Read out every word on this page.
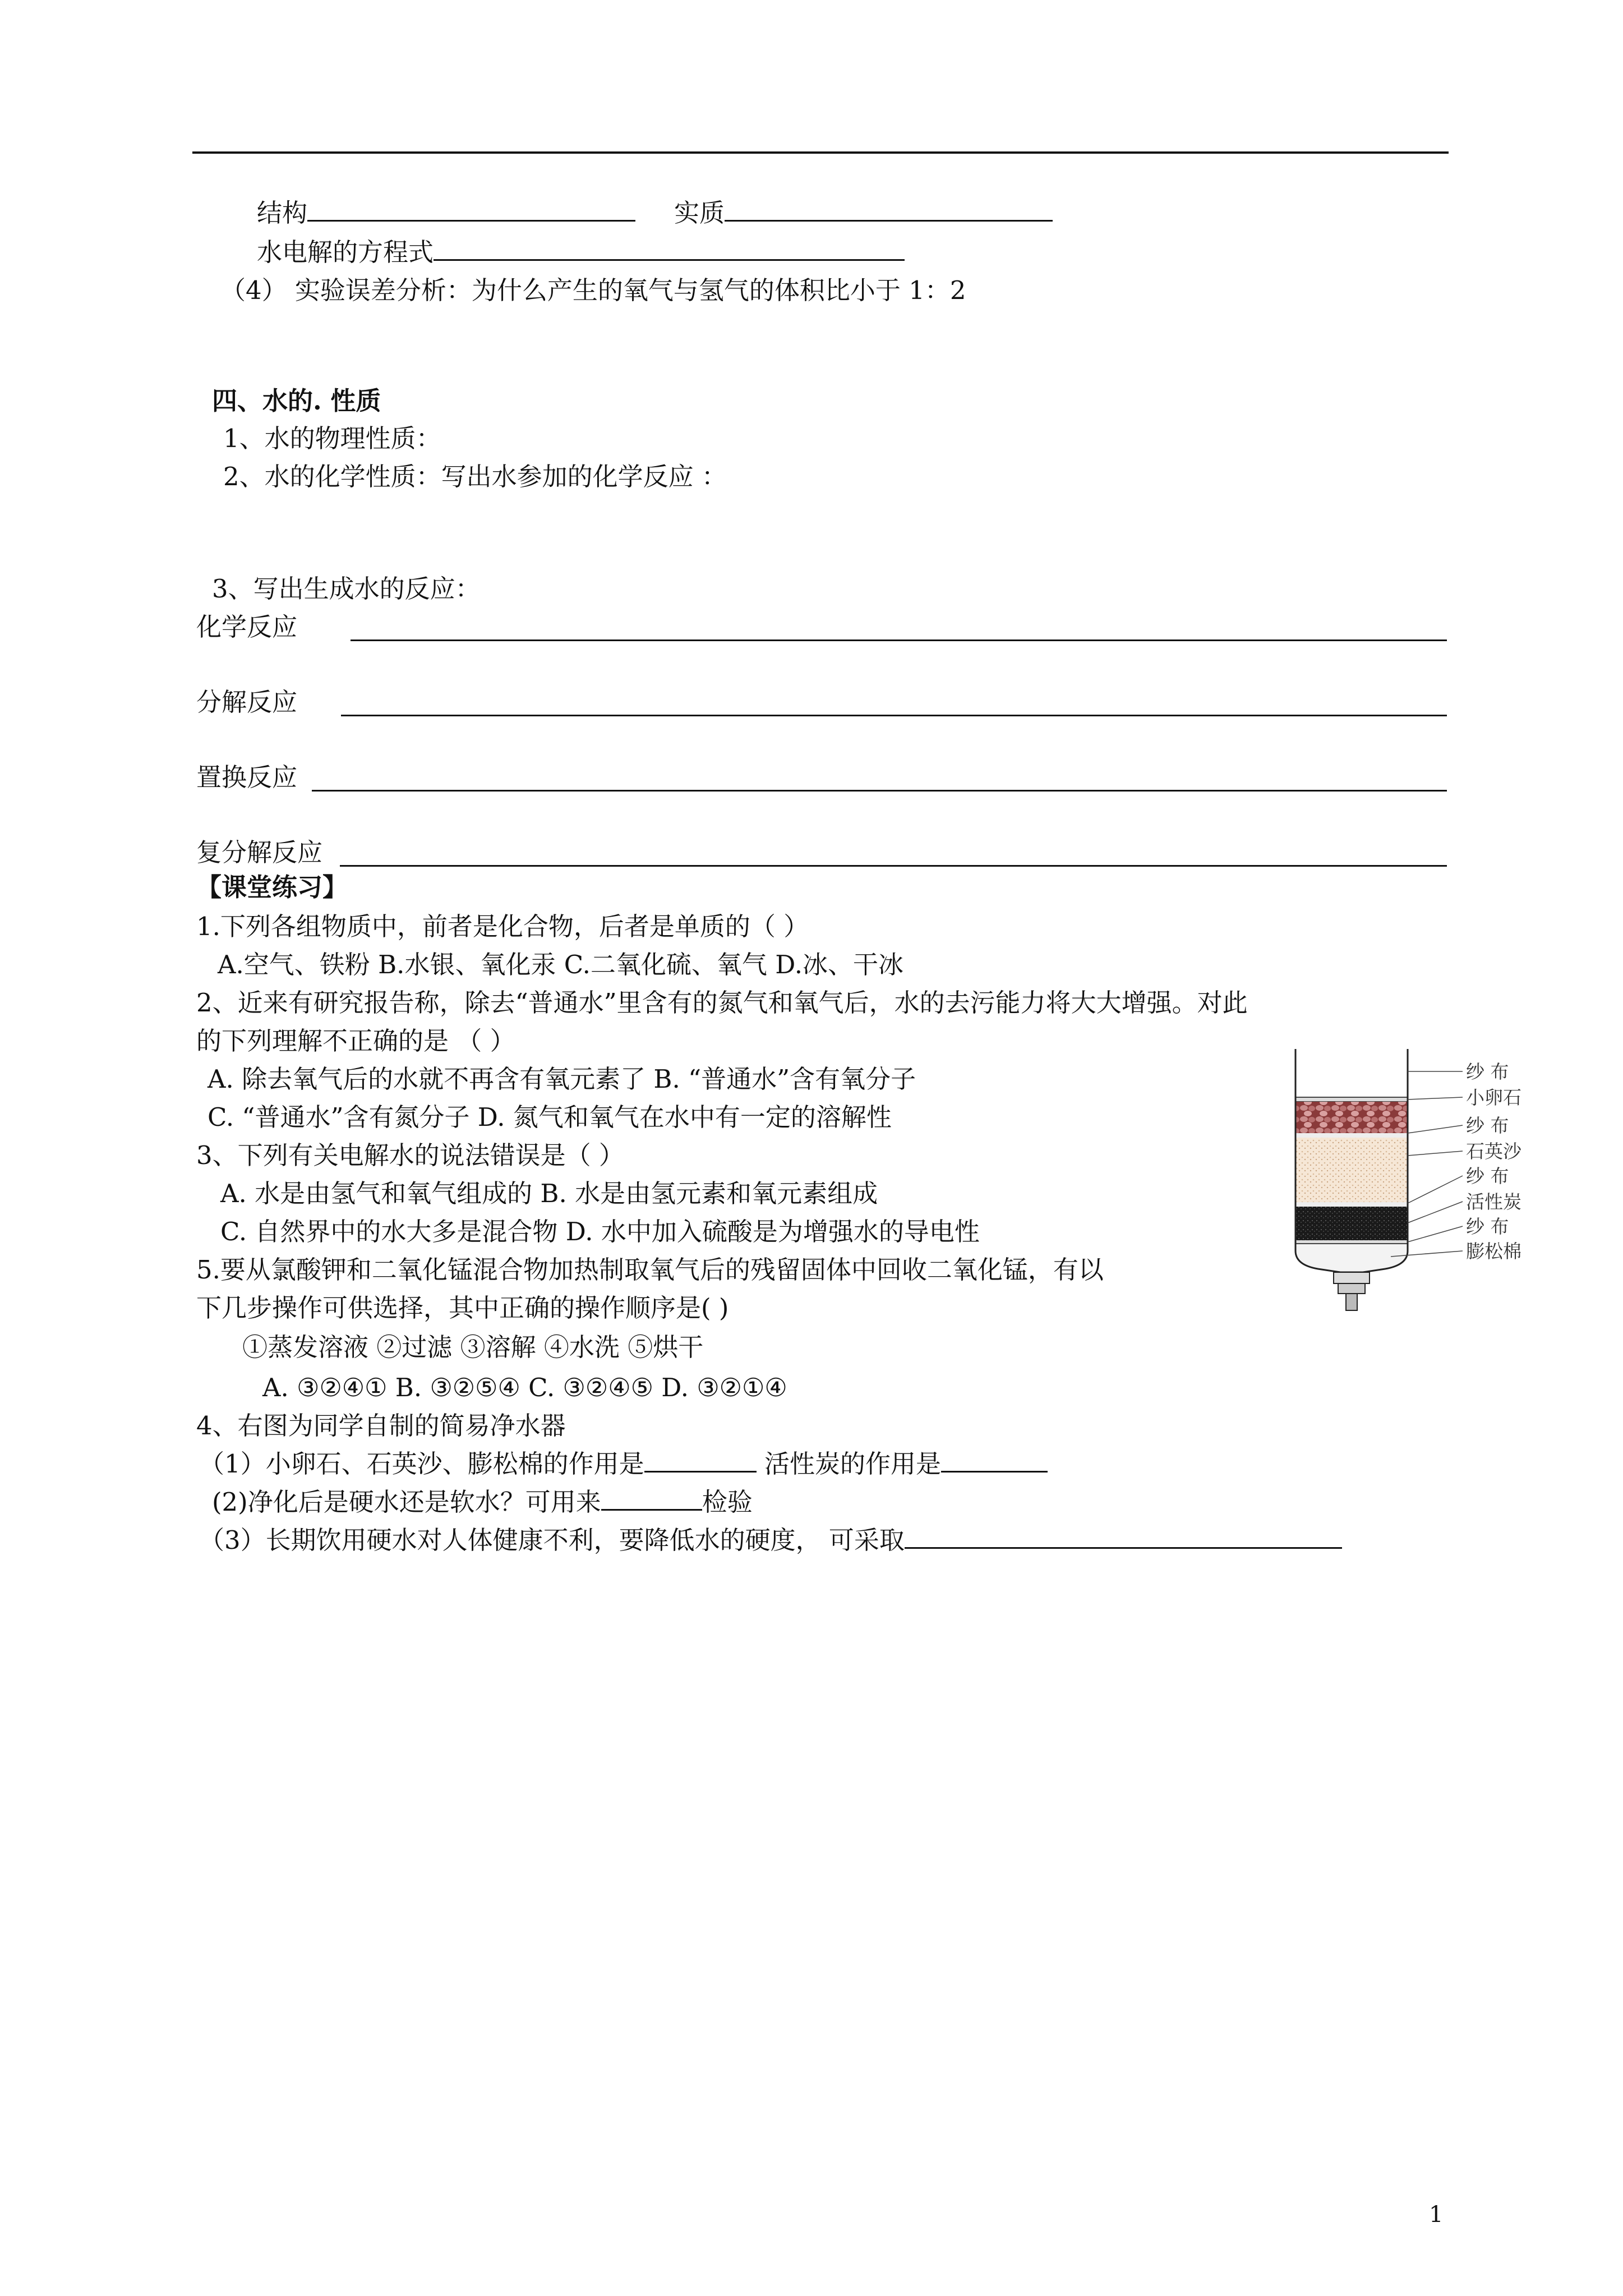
结构	实质
水电解的方程式
（4） 实验误差分析：为什么产生的氧气与氢气的体积比小于 1：2
四、水的. 性质
1、水的物理性质：
2、水的化学性质：写出水参加的化学反应 ：
3、写出生成水的反应：
化学反应
分解反应
置换反应
复分解反应
【课堂练习】
1.下列各组物质中，前者是化合物，后者是单质的（ ）
A.空气、铁粉 B.水银、氧化汞 C.二氧化硫、氧气 D.冰、干冰
2、近来有研究报告称，除去“普通水”里含有的氮气和氧气后，水的去污能力将大大增强。对此
的下列理解不正确的是 （ ）
A. 除去氧气后的水就不再含有氧元素了 B. “普通水”含有氧分子
C. “普通水”含有氮分子 D. 氮气和氧气在水中有一定的溶解性
3、下列有关电解水的说法错误是（ ）
A. 水是由氢气和氧气组成的 B. 水是由氢元素和氧元素组成
C. 自然界中的水大多是混合物 D. 水中加入硫酸是为增强水的导电性
5.要从氯酸钾和二氧化锰混合物加热制取氧气后的残留固体中回收二氧化锰，有以
下几步操作可供选择，其中正确的操作顺序是( )
①蒸发溶液 ②过滤 ③溶解 ④水洗 ⑤烘干
A. ③②④① B. ③②⑤④ C. ③②④⑤ D. ③②①④
4、右图为同学自制的简易净水器
（1）小卵石、石英沙、膨松棉的作用是	活性炭的作用是
(2)净化后是硬水还是软水？可用来	检验
（3）长期饮用硬水对人体健康不利，要降低水的硬度， 可采取
纱 布
小卵石
纱 布
石英沙
纱 布
活性炭
纱 布
膨松棉
1
